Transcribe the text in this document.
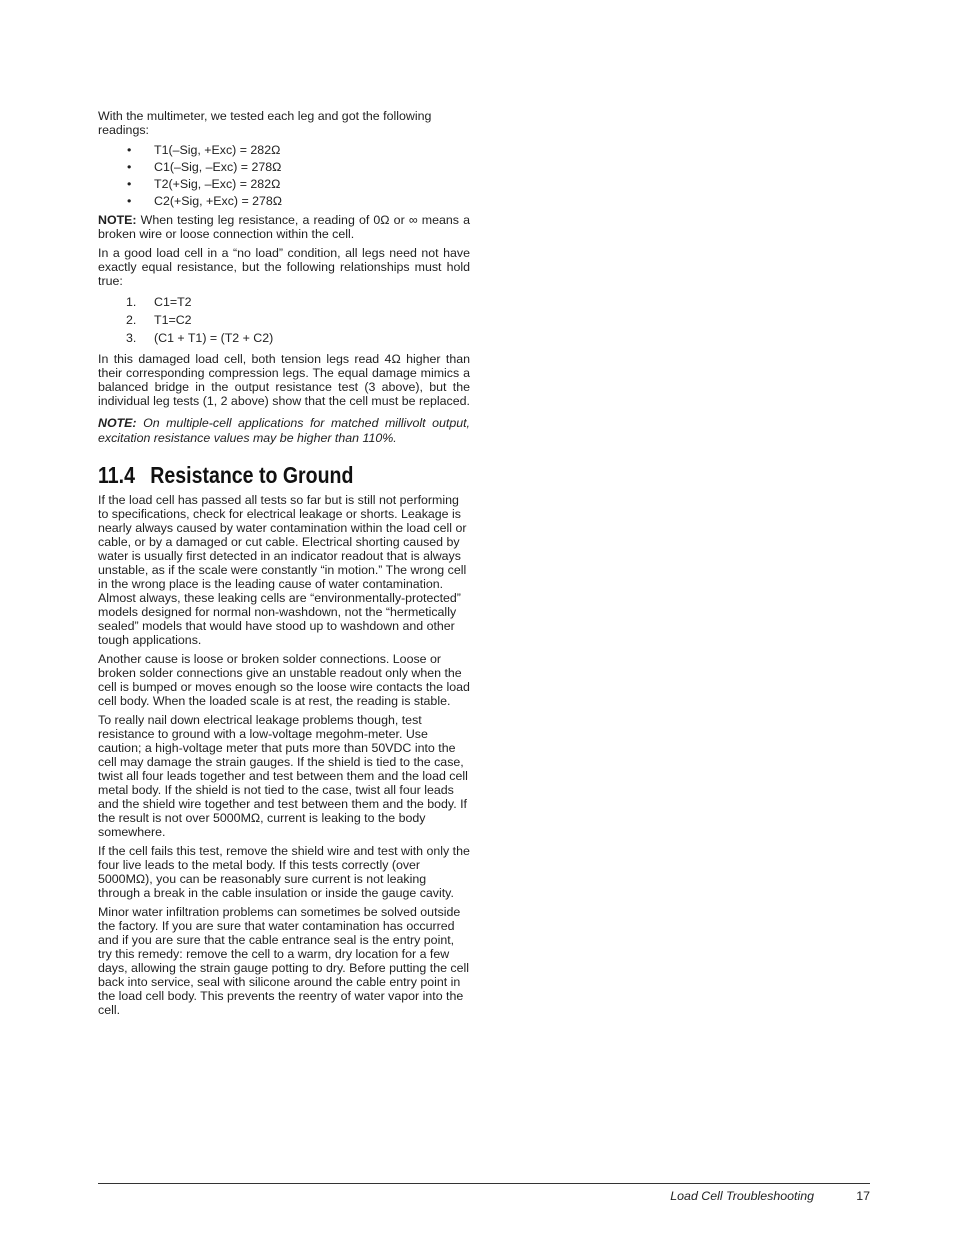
With the multimeter, we tested each leg and got the following readings:

• T1(–Sig, +Exc) = 282Ω
• C1(–Sig, –Exc) = 278Ω
• T2(+Sig, –Exc) = 282Ω
• C2(+Sig, +Exc) = 278Ω

NOTE: When testing leg resistance, a reading of 0Ω or ∞ means a broken wire or loose connection within the cell.

In a good load cell in a “no load” condition, all legs need not have exactly equal resistance, but the following relationships must hold true:

1. C1=T2
2. T1=C2
3. (C1 + T1) = (T2 + C2)

In this damaged load cell, both tension legs read 4Ω higher than their corresponding compression legs. The equal damage mimics a balanced bridge in the output resistance test (3 above), but the individual leg tests (1, 2 above) show that the cell must be replaced.

NOTE: On multiple-cell applications for matched millivolt output, excitation resistance values may be higher than 110%.

11.4 Resistance to Ground

If the load cell has passed all tests so far but is still not performing to specifications, check for electrical leakage or shorts. Leakage is nearly always caused by water contamination within the load cell or cable, or by a damaged or cut cable. Electrical shorting caused by water is usually first detected in an indicator readout that is always unstable, as if the scale were constantly “in motion.” The wrong cell in the wrong place is the leading cause of water contamination. Almost always, these leaking cells are “environmentally-protected” models designed for normal non-washdown, not the “hermetically sealed” models that would have stood up to washdown and other tough applications.

Another cause is loose or broken solder connections. Loose or broken solder connections give an unstable readout only when the cell is bumped or moves enough so the loose wire contacts the load cell body. When the loaded scale is at rest, the reading is stable.

To really nail down electrical leakage problems though, test resistance to ground with a low-voltage megohm-meter. Use caution; a high-voltage meter that puts more than 50VDC into the cell may damage the strain gauges. If the shield is tied to the case, twist all four leads together and test between them and the load cell metal body. If the shield is not tied to the case, twist all four leads and the shield wire together and test between them and the body. If the result is not over 5000MΩ, current is leaking to the body somewhere.

If the cell fails this test, remove the shield wire and test with only the four live leads to the metal body. If this tests correctly (over 5000MΩ), you can be reasonably sure current is not leaking through a break in the cable insulation or inside the gauge cavity.

Minor water infiltration problems can sometimes be solved outside the factory. If you are sure that water contamination has occurred and if you are sure that the cable entrance seal is the entry point, try this remedy: remove the cell to a warm, dry location for a few days, allowing the strain gauge potting to dry. Before putting the cell back into service, seal with silicone around the cable entry point in the load cell body. This prevents the reentry of water vapor into the cell.

Load Cell Troubleshooting	17
